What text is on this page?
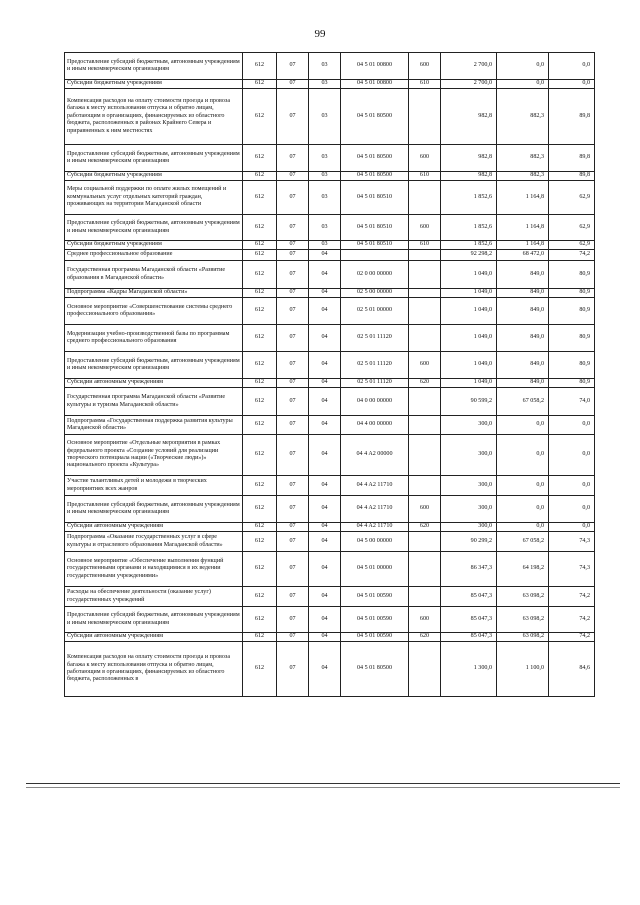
99
Предоставление субсидий бюджетным, автономным учреждениям и иным некоммерческим организациям	612	07	03	04 5 01 00800	600	2 700,0	0,0	0,0
Субсидии бюджетным учреждениям	612	07	03	04 5 01 00800	610	2 700,0	0,0	0,0
Компенсация расходов на оплату стоимости проезда и провоза багажа к месту использования отпуска и обратно лицам, работающим в организациях, финансируемых из областного бюджета, расположенных в районах Крайнего Севера и приравненных к ним местностях	612	07	03	04 5 01 80500		982,8	882,3	89,8
Предоставление субсидий бюджетным, автономным учреждениям и иным некоммерческим организациям	612	07	03	04 5 01 80500	600	982,8	882,3	89,8
Субсидии бюджетным учреждениям	612	07	03	04 5 01 80500	610	982,8	882,3	89,8
Меры социальной поддержки по оплате жилых помещений и коммунальных услуг отдельных категорий граждан, проживающих на территории Магаданской области	612	07	03	04 5 01 80510		1 852,6	1 164,8	62,9
Предоставление субсидий бюджетным, автономным учреждениям и иным некоммерческим организациям	612	07	03	04 5 01 80510	600	1 852,6	1 164,8	62,9
Субсидии бюджетным учреждениям	612	07	03	04 5 01 80510	610	1 852,6	1 164,8	62,9
Среднее профессиональное образование	612	07	04			92 298,2	68 472,0	74,2
Государственная программа Магаданской области «Развитие образования в Магаданской области»	612	07	04	02 0 00 00000		1 049,0	849,0	80,9
Подпрограмма «Кадры Магаданской области»	612	07	04	02 5 00 00000		1 049,0	849,0	80,9
Основное мероприятие «Совершенствование системы среднего профессионального образования»	612	07	04	02 5 01 00000		1 049,0	849,0	80,9
Модернизация учебно-производственной базы по программам среднего профессионального образования	612	07	04	02 5 01 11120		1 049,0	849,0	80,9
Предоставление субсидий бюджетным, автономным учреждениям и иным некоммерческим организациям	612	07	04	02 5 01 11120	600	1 049,0	849,0	80,9
Субсидии автономным учреждениям	612	07	04	02 5 01 11120	620	1 049,0	849,0	80,9
Государственная программа Магаданской области «Развитие культуры и туризма Магаданской области»	612	07	04	04 0 00 00000		90 599,2	67 058,2	74,0
Подпрограмма «Государственная поддержка развития культуры Магаданской области»	612	07	04	04 4 00 00000		300,0	0,0	0,0
Основное мероприятие «Отдельные мероприятия в рамках федерального проекта «Создание условий для реализации творческого потенциала нации («Творческие люди»)» национального проекта «Культура»	612	07	04	04 4 A2 00000		300,0	0,0	0,0
Участие талантливых детей и молодежи в творческих мероприятиях всех жанров	612	07	04	04 4 A2 11710		300,0	0,0	0,0
Предоставление субсидий бюджетным, автономным учреждениям и иным некоммерческим организациям	612	07	04	04 4 A2 11710	600	300,0	0,0	0,0
Субсидии автономным учреждениям	612	07	04	04 4 A2 11710	620	300,0	0,0	0,0
Подпрограмма «Оказание государственных услуг в сфере культуры и отраслевого образования Магаданской области»	612	07	04	04 5 00 00000		90 299,2	67 058,2	74,3
Основное мероприятие «Обеспечение выполнения функций государственными органами и находящимися в их ведении государственными учреждениями»	612	07	04	04 5 01 00000		86 347,3	64 198,2	74,3
Расходы на обеспечение деятельности (оказание услуг) государственных учреждений	612	07	04	04 5 01 00590		85 047,3	63 098,2	74,2
Предоставление субсидий бюджетным, автономным учреждениям и иным некоммерческим организациям	612	07	04	04 5 01 00590	600	85 047,3	63 098,2	74,2
Субсидии автономным учреждениям	612	07	04	04 5 01 00590	620	85 047,3	63 098,2	74,2
Компенсация расходов на оплату стоимости проезда и провоза багажа к месту использования отпуска и обратно лицам, работающим в организациях, финансируемых из областного бюджета, расположенных в	612	07	04	04 5 01 80500		1 300,0	1 100,0	84,6
